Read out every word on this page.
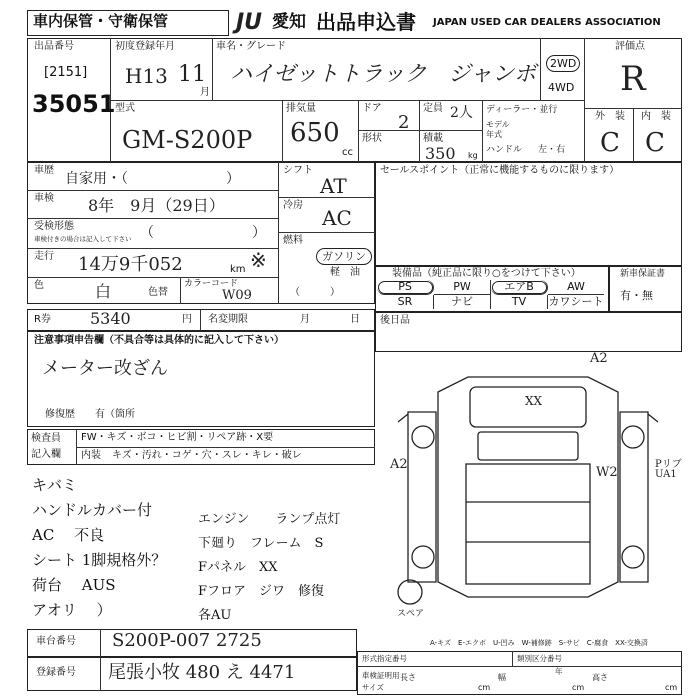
車内保管・守衛保管	JU 愛知 出品申込書 JAPAN USED CAR DEALERS ASSOCIATION
出品番号
[2151]
35051
初度登録年月
H13 11
月
車名・グレード
ハイゼットトラック　ジャンボ	2WD
4WD
評価点
R
外　装 内　装
C C
型式
GM-S200P
排気量
650
cc
ドア
2
定員 2人
形状	積載
350 kg
ディーラー・並行
モデル
年式
ハンドル 左・右
車歴
自家用・（　　　　　　　）
車検 8年　9月（29日）
受検形態
車検付きの場合は記入して下さい （　　　　　　　）
走行 14万9千052	km ※
色	白	色替
カラーコード
W09
シフト
AT
冷房
AC
燃料
ガソリン
軽　油
（　　　）
セールスポイント（正常に機能するものに限ります）
装備品（純正品に限り○をつけて下さい）
PS	PW	エアB	AW
SR	ナビ	TV	カワシート
新車保証書
有・無
R券 5340	円 名変期限	月	日 後日品
注意事項申告欄（不具合等は具体的に記入して下さい）
メーター改ざん
修復歴　　有（箇所
検査員
記入欄
FW・キズ・ボコ・ヒビ割・リペア跡・X要
内装 キズ・汚れ・コゲ・穴・スレ・キレ・破レ
キバミ
ハンドルカバー付
AC　 不良
シート 1脚規格外？
荷台　 AUS
アオリ　 ）
エンジン　　ランプ点灯
下廻り　フレーム　S
Fパネル　XX
Fフロア　ジワ　修復
各AU
A2
XX
A2
W2
PリブUA1
スペア
A-キズ　E-エクボ　U-凹み　W-補修跡　S-サビ　C-腐食　XX-交換済
車台番号 S200P-007 2725
登録番号 尾張小牧 480 え 4471
形式指定番号	類別区分番号
年
車検証明用
サイズ
長さ
cm
幅
cm
高さ
cm
